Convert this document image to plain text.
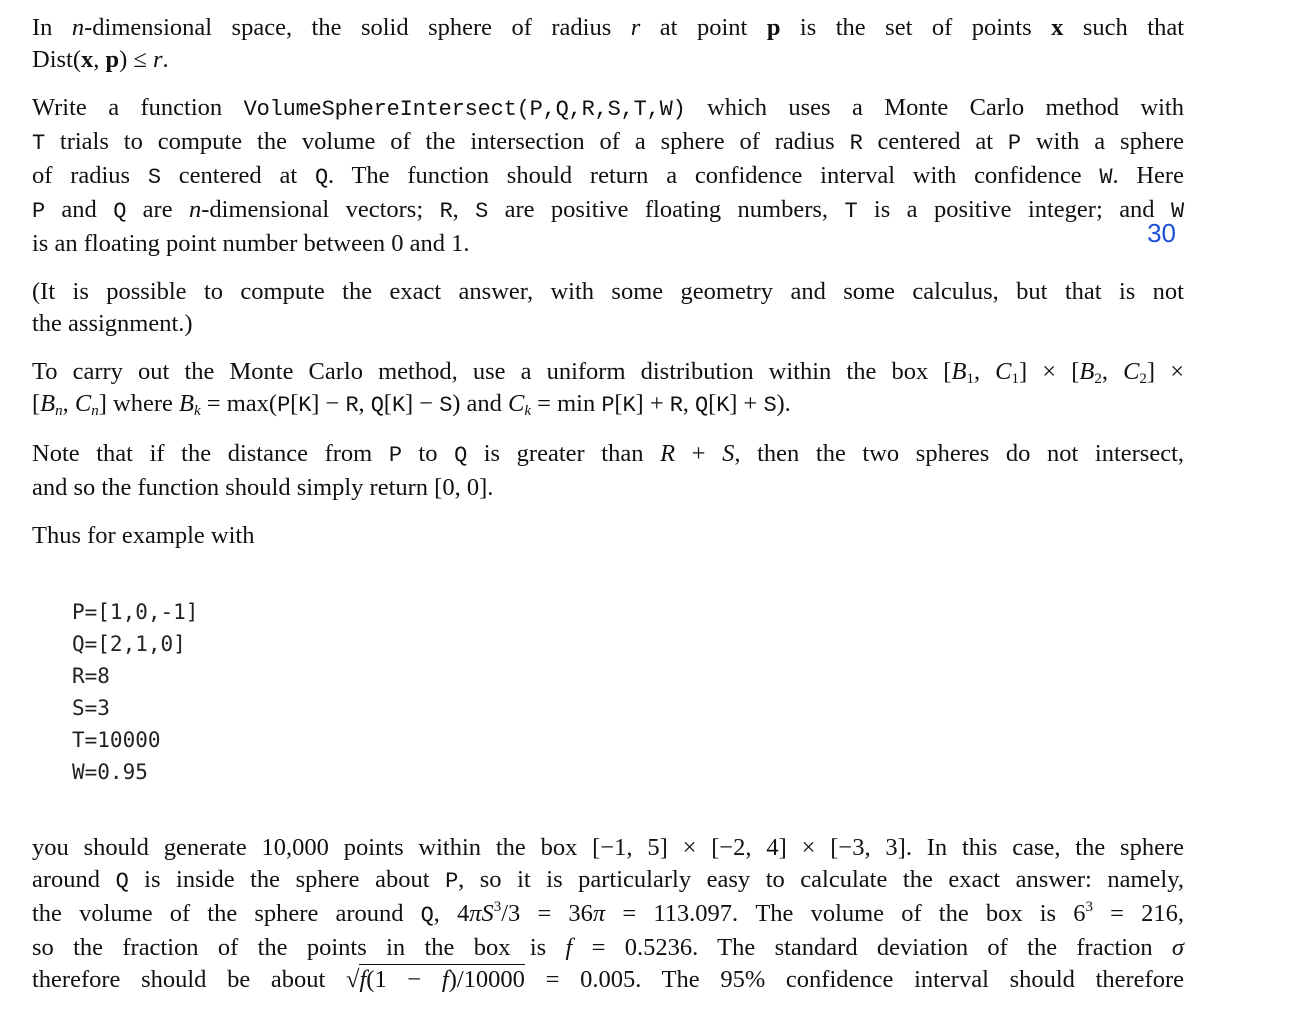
30

In n-dimensional space, the solid sphere of radius r at point p is the set of points x such that
Dist(x, p) ≤ r.

Write a function VolumeSphereIntersect(P,Q,R,S,T,W) which uses a Monte Carlo method with
T trials to compute the volume of the intersection of a sphere of radius R centered at P with a sphere
of radius S centered at Q. The function should return a confidence interval with confidence W. Here
P and Q are n-dimensional vectors; R, S are positive floating numbers, T is a positive integer; and W
is an floating point number between 0 and 1.

(It is possible to compute the exact answer, with some geometry and some calculus, but that is not
the assignment.)

To carry out the Monte Carlo method, use a uniform distribution within the box [$B_1$, $C_1] \times [B_2$, $C_2$] ×
[$B_n$, $C_n$] where $B_k = \max(P[K] - R$, Q[K] − S) and $C_k = \min P[K] + R$, Q[K] + S).

Note that if the distance from P to Q is greater than R + S, then the two spheres do not intersect,
and so the function should simply return [0, 0].

Thus for example with

P=[1,0,-1]
Q=[2,1,0]
R=8
S=3
T=10000
W=0.95

you should generate 10,000 points within the box [−1, 5] × [−2, 4] × [−3, 3]. In this case, the sphere
around Q is inside the sphere about P, so it is particularly easy to calculate the exact answer: namely,
the volume of the sphere around Q, $4\pi S^3/3 = 36\pi = 113.097$. The volume of the box is $6^3 = 216$,
so the fraction of the points in the box is f = 0.5236. The standard deviation of the fraction σ
therefore should be about √f(1 − f)/10000 = 0.005. The 95% confidence interval should therefore
